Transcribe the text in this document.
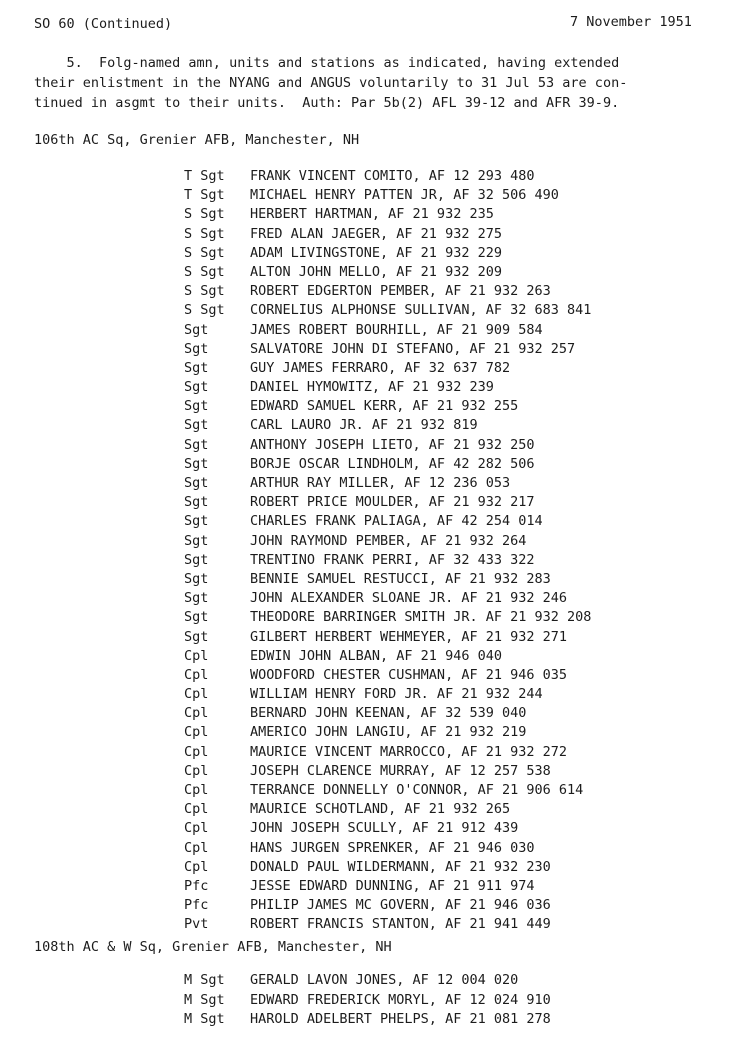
SO 60 (Continued)	7 November 1951
5.  Folg-named amn, units and stations as indicated, having extended
their enlistment in the NYANG and ANGUS voluntarily to 31 Jul 53 are con-
tinued in asgmt to their units.  Auth: Par 5b(2) AFL 39-12 and AFR 39-9.
106th AC Sq, Grenier AFB, Manchester, NH
T Sgt	FRANK VINCENT COMITO, AF 12 293 480
T Sgt	MICHAEL HENRY PATTEN JR, AF 32 506 490
S Sgt	HERBERT HARTMAN, AF 21 932 235
S Sgt	FRED ALAN JAEGER, AF 21 932 275
S Sgt	ADAM LIVINGSTONE, AF 21 932 229
S Sgt	ALTON JOHN MELLO, AF 21 932 209
S Sgt	ROBERT EDGERTON PEMBER, AF 21 932 263
S Sgt	CORNELIUS ALPHONSE SULLIVAN, AF 32 683 841
Sgt	JAMES ROBERT BOURHILL, AF 21 909 584
Sgt	SALVATORE JOHN DI STEFANO, AF 21 932 257
Sgt	GUY JAMES FERRARO, AF 32 637 782
Sgt	DANIEL HYMOWITZ, AF 21 932 239
Sgt	EDWARD SAMUEL KERR, AF 21 932 255
Sgt	CARL LAURO JR. AF 21 932 819
Sgt	ANTHONY JOSEPH LIETO, AF 21 932 250
Sgt	BORJE OSCAR LINDHOLM, AF 42 282 506
Sgt	ARTHUR RAY MILLER, AF 12 236 053
Sgt	ROBERT PRICE MOULDER, AF 21 932 217
Sgt	CHARLES FRANK PALIAGA, AF 42 254 014
Sgt	JOHN RAYMOND PEMBER, AF 21 932 264
Sgt	TRENTINO FRANK PERRI, AF 32 433 322
Sgt	BENNIE SAMUEL RESTUCCI, AF 21 932 283
Sgt	JOHN ALEXANDER SLOANE JR. AF 21 932 246
Sgt	THEODORE BARRINGER SMITH JR. AF 21 932 208
Sgt	GILBERT HERBERT WEHMEYER, AF 21 932 271
Cpl	EDWIN JOHN ALBAN, AF 21 946 040
Cpl	WOODFORD CHESTER CUSHMAN, AF 21 946 035
Cpl	WILLIAM HENRY FORD JR. AF 21 932 244
Cpl	BERNARD JOHN KEENAN, AF 32 539 040
Cpl	AMERICO JOHN LANGIU, AF 21 932 219
Cpl	MAURICE VINCENT MARROCCO, AF 21 932 272
Cpl	JOSEPH CLARENCE MURRAY, AF 12 257 538
Cpl	TERRANCE DONNELLY O'CONNOR, AF 21 906 614
Cpl	MAURICE SCHOTLAND, AF 21 932 265
Cpl	JOHN JOSEPH SCULLY, AF 21 912 439
Cpl	HANS JURGEN SPRENKER, AF 21 946 030
Cpl	DONALD PAUL WILDERMANN, AF 21 932 230
Pfc	JESSE EDWARD DUNNING, AF 21 911 974
Pfc	PHILIP JAMES MC GOVERN, AF 21 946 036
Pvt	ROBERT FRANCIS STANTON, AF 21 941 449
108th AC & W Sq, Grenier AFB, Manchester, NH
M Sgt	GERALD LAVON JONES, AF 12 004 020
M Sgt	EDWARD FREDERICK MORYL, AF 12 024 910
M Sgt	HAROLD ADELBERT PHELPS, AF 21 081 278
